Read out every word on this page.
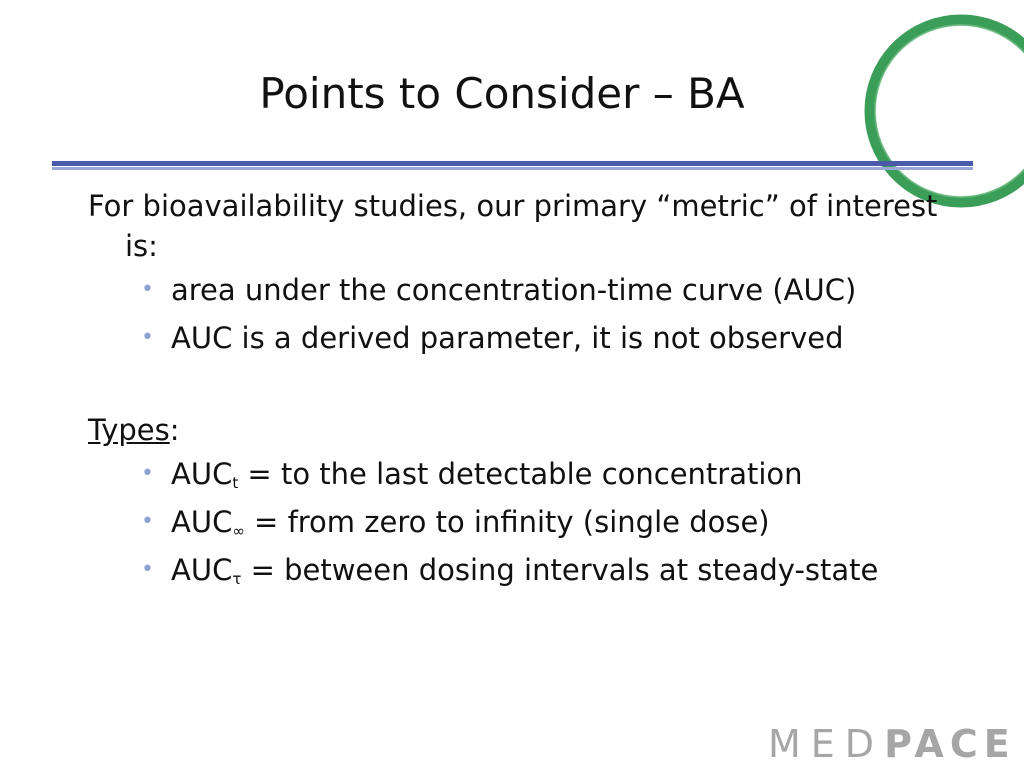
Points to Consider – BA

For bioavailability studies, our primary “metric” of interest is:

• area under the concentration-time curve (AUC)
• AUC is a derived parameter, it is not observed

Types:

• $AUC_t$ = to the last detectable concentration
• $AUC_\infty$ = from zero to infinity (single dose)
• $AUC_\tau$ = between dosing intervals at steady-state
MEDPACE
